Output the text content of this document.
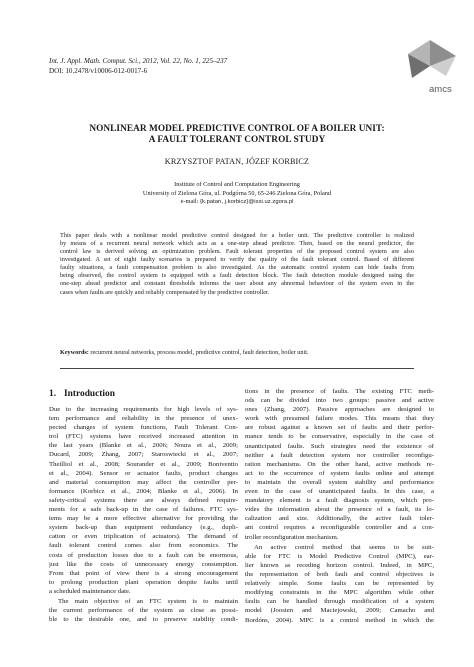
Int. J. Appl. Math. Comput. Sci., 2012, Vol. 22, No. 1, 225–237
DOI: 10.2478/v10006-012-0017-6
amcs
NONLINEAR MODEL PREDICTIVE CONTROL OF A BOILER UNIT:
A FAULT TOLERANT CONTROL STUDY
KRZYSZTOF PATAN, JÓZEF KORBICZ
Institute of Control and Computation Engineering
University of Zielona Góra, ul. Podgórna 50, 65-246 Zielona Góra, Poland
e-mail: {k.patan, j.korbicz}@issi.uz.zgora.pl
This paper deals with a nonlinear model predictive control designed for a boiler unit. The predictive controller is realized
by means of a recurrent neural network which acts as a one-step ahead predictor. Then, based on the neural predictor, the
control law is derived solving an optimization problem. Fault tolerant properties of the proposed control system are also
investigated. A set of eight faulty scenarios is prepared to verify the quality of the fault tolerant control. Based of different
faulty situations, a fault compensation problem is also investigated. As the automatic control system can hide faults from
being observed, the control system is equipped with a fault detection block. The fault detection module designed using the
one-step ahead predictor and constant thresholds informs the user about any abnormal behaviour of the system even in the
cases when faults are quickly and reliably compensated by the predictive controller.
Keywords: recurrent neural networks, process model, predictive control, fault detection, boiler unit.
1. Introduction
Due to the increasing requirements for high levels of sys-
tem performance and reliability in the presence of unex-
pected changes of system functions, Fault Tolerant Con-
trol (FTC) systems have received increased attention in
the last years (Blanke et al., 2006; Noura et al., 2009;
Ducard, 2009; Zhang, 2007; Staroswiecki et al., 2007;
Theilliol et al., 2008; Sourander et al., 2009; Boniventto
et al., 2004). Sensor or actuator faults, product changes
and material consumption may affect the controller per-
formance (Korbicz et al., 2004; Blanke et al., 2006). In
safety-critical systems there are always defined require-
ments for a safe back-up in the case of failures. FTC sys-
tems may be a more effective alternative for providing the
system back-up than equipment redundancy (e.g., dupli-
cation or even triplication of actuators). The demand of
fault tolerant control comes also from economics. The
costs of production losses due to a fault can be enormous,
just like the costs of unnecessary energy consumption.
From that point of view there is a strong encouragement
to prolong production plant operation despite faults until
a scheduled maintenance date.
The main objective of an FTC system is to maintain
the current performance of the system as close as possi-
ble to the desirable one, and to preserve stability condi-
tions in the presence of faults. The existing FTC meth-
ods can be divided into two groups: passive and active
ones (Zhang, 2007). Passive approaches are designed to
work with presumed failure modes. This means that they
are robust against a known set of faults and their perfor-
mance tends to be conservative, especially in the case of
unanticipated faults. Such strategies need the existence of
neither a fault detection system nor controller reconfigu-
ration mechanisms. On the other hand, active methods re-
act to the occurrence of system faults online and attempt
to maintain the overall system stability and performance
even in the case of unanticipated faults. In this case, a
mandatory element is a fault diagnosis system, which pro-
vides the information about the presence of a fault, its lo-
calization and size. Additionally, the active fault toler-
ant control requires a reconfigurable controller and a con-
troller reconfiguration mechanism.
An active control method that seems to be suit-
able for FTC is Model Predictive Control (MPC), ear-
lier known as receding horizon control. Indeed, in MPC,
the representation of both fault and control objectives is
relatively simple. Some faults can be represented by
modifying constraints in the MPC algorithm while other
faults can be handled through modification of a system
model (Joosten and Maciejowski, 2009; Camacho and
Bordóns, 2004). MPC is a control method in which the
